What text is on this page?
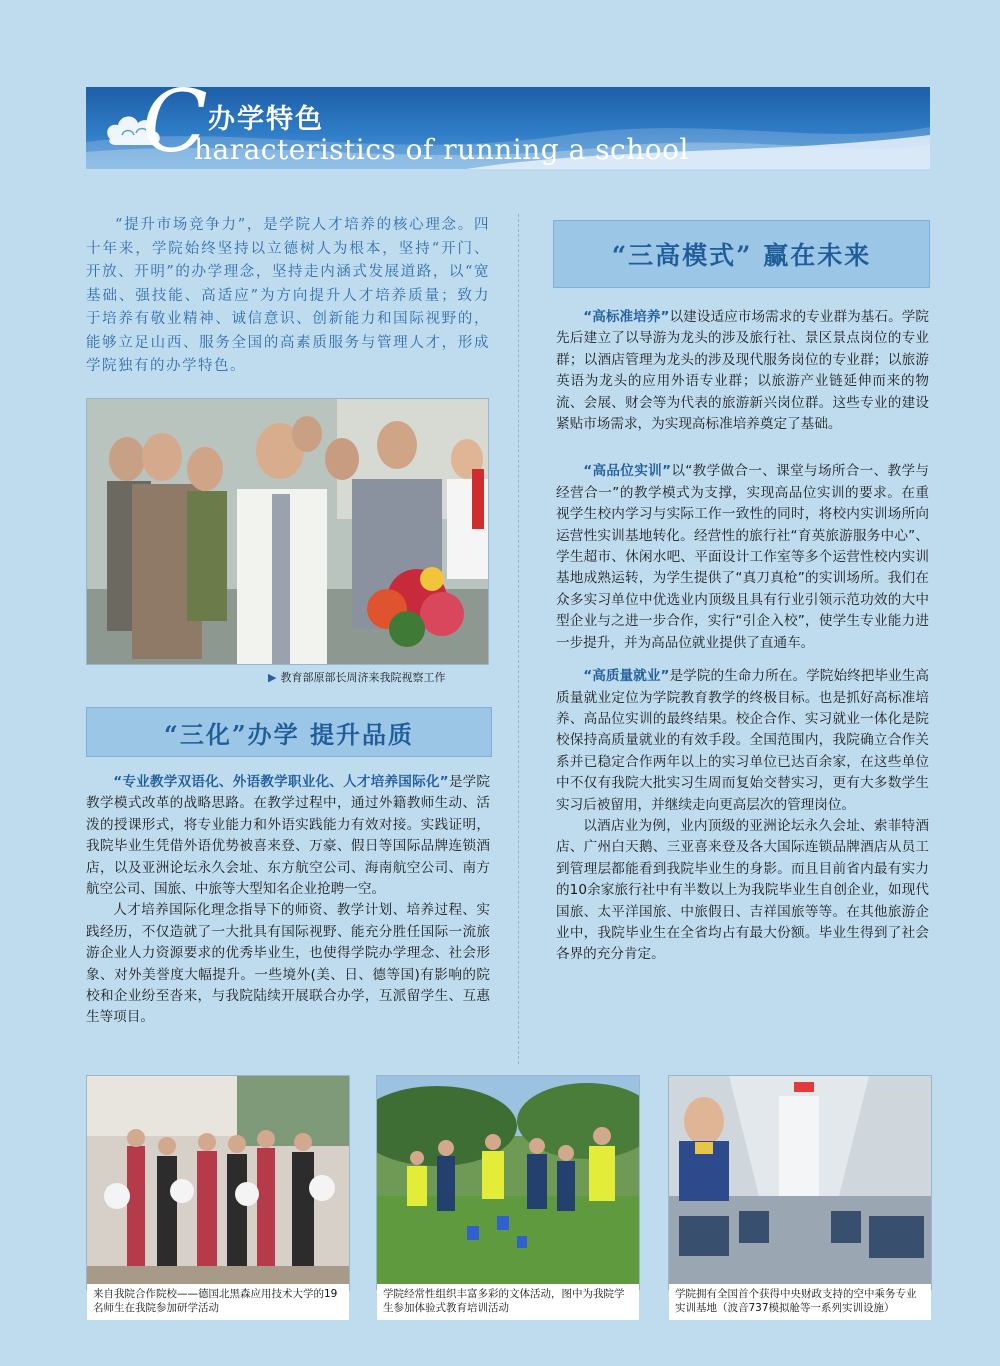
C 办学特色
haracteristics of running a school

“提升市场竞争力”，是学院人才培养的核心理念。四十年来，学院始终坚持以立德树人为根本，坚持“开门、开放、开明”的办学理念，坚持走内涵式发展道路，以“宽基础、强技能、高适应”为方向提升人才培养质量；致力于培养有敬业精神、诚信意识、创新能力和国际视野的，能够立足山西、服务全国的高素质服务与管理人才，形成学院独有的办学特色。

▶ 教育部原部长周济来我院视察工作
“三化”办学 提升品质

“专业教学双语化、外语教学职业化、人才培养国际化”是学院教学模式改革的战略思路。在教学过程中，通过外籍教师生动、活泼的授课形式，将专业能力和外语实践能力有效对接。实践证明，我院毕业生凭借外语优势被喜来登、万豪、假日等国际品牌连锁酒店，以及亚洲论坛永久会址、东方航空公司、海南航空公司、南方航空公司、国旅、中旅等大型知名企业抢聘一空。

人才培养国际化理念指导下的师资、教学计划、培养过程、实践经历，不仅造就了一大批具有国际视野、能充分胜任国际一流旅游企业人力资源要求的优秀毕业生，也使得学院办学理念、社会形象、对外美誉度大幅提升。一些境外(美、日、德等国)有影响的院校和企业纷至沓来，与我院陆续开展联合办学，互派留学生、互惠生等项目。

“三高模式” 赢在未来

“高标准培养”以建设适应市场需求的专业群为基石。学院先后建立了以导游为龙头的涉及旅行社、景区景点岗位的专业群；以酒店管理为龙头的涉及现代服务岗位的专业群；以旅游英语为龙头的应用外语专业群；以旅游产业链延伸而来的物流、会展、财会等为代表的旅游新兴岗位群。这些专业的建设紧贴市场需求，为实现高标准培养奠定了基础。

“高品位实训”以“教学做合一、课堂与场所合一、教学与经营合一”的教学模式为支撑，实现高品位实训的要求。在重视学生校内学习与实际工作一致性的同时，将校内实训场所向运营性实训基地转化。经营性的旅行社“育英旅游服务中心”、学生超市、休闲水吧、平面设计工作室等多个运营性校内实训基地成熟运转，为学生提供了“真刀真枪”的实训场所。我们在众多实习单位中优选业内顶级且具有行业引领示范功效的大中型企业与之进一步合作，实行“引企入校”，使学生专业能力进一步提升，并为高品位就业提供了直通车。

“高质量就业”是学院的生命力所在。学院始终把毕业生高质量就业定位为学院教育教学的终极目标。也是抓好高标准培养、高品位实训的最终结果。校企合作、实习就业一体化是院校保持高质量就业的有效手段。全国范围内，我院确立合作关系并已稳定合作两年以上的实习单位已达百余家，在这些单位中不仅有我院大批实习生周而复始交替实习，更有大多数学生实习后被留用，并继续走向更高层次的管理岗位。

以酒店业为例，业内顶级的亚洲论坛永久会址、索菲特酒店、广州白天鹅、三亚喜来登及各大国际连锁品牌酒店从员工到管理层都能看到我院毕业生的身影。而且目前省内最有实力的10余家旅行社中有半数以上为我院毕业生自创企业，如现代国旅、太平洋国旅、中旅假日、吉祥国旅等等。在其他旅游企业中，我院毕业生在全省均占有最大份额。毕业生得到了社会各界的充分肯定。

来自我院合作院校——德国北黑森应用技术大学的19名师生在我院参加研学活动
学院经常性组织丰富多彩的文体活动，图中为我院学生参加体验式教育培训活动
学院拥有全国首个获得中央财政支持的空中乘务专业实训基地（波音737模拟舱等一系列实训设施）
